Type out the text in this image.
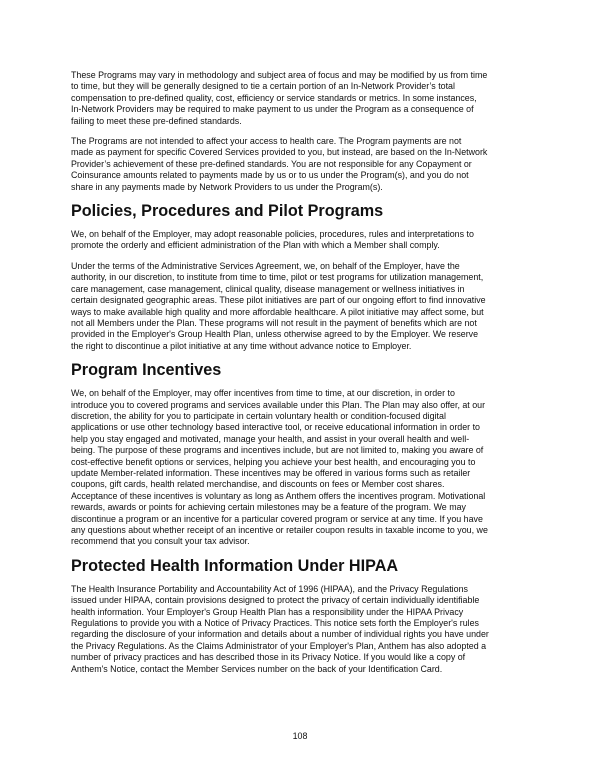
These Programs may vary in methodology and subject area of focus and may be modified by us from time
to time, but they will be generally designed to tie a certain portion of an In-Network Provider’s total
compensation to pre-defined quality, cost, efficiency or service standards or metrics. In some instances,
In-Network Providers may be required to make payment to us under the Program as a consequence of
failing to meet these pre-defined standards.

The Programs are not intended to affect your access to health care. The Program payments are not
made as payment for specific Covered Services provided to you, but instead, are based on the In-Network
Provider’s achievement of these pre-defined standards. You are not responsible for any Copayment or
Coinsurance amounts related to payments made by us or to us under the Program(s), and you do not
share in any payments made by Network Providers to us under the Program(s).

Policies, Procedures and Pilot Programs

We, on behalf of the Employer, may adopt reasonable policies, procedures, rules and interpretations to
promote the orderly and efficient administration of the Plan with which a Member shall comply.

Under the terms of the Administrative Services Agreement, we, on behalf of the Employer, have the
authority, in our discretion, to institute from time to time, pilot or test programs for utilization management,
care management, case management, clinical quality, disease management or wellness initiatives in
certain designated geographic areas. These pilot initiatives are part of our ongoing effort to find innovative
ways to make available high quality and more affordable healthcare. A pilot initiative may affect some, but
not all Members under the Plan. These programs will not result in the payment of benefits which are not
provided in the Employer's Group Health Plan, unless otherwise agreed to by the Employer. We reserve
the right to discontinue a pilot initiative at any time without advance notice to Employer.

Program Incentives

We, on behalf of the Employer, may offer incentives from time to time, at our discretion, in order to
introduce you to covered programs and services available under this Plan. The Plan may also offer, at our
discretion, the ability for you to participate in certain voluntary health or condition-focused digital
applications or use other technology based interactive tool, or receive educational information in order to
help you stay engaged and motivated, manage your health, and assist in your overall health and well-
being. The purpose of these programs and incentives include, but are not limited to, making you aware of
cost-effective benefit options or services, helping you achieve your best health, and encouraging you to
update Member-related information. These incentives may be offered in various forms such as retailer
coupons, gift cards, health related merchandise, and discounts on fees or Member cost shares.
Acceptance of these incentives is voluntary as long as Anthem offers the incentives program. Motivational
rewards, awards or points for achieving certain milestones may be a feature of the program. We may
discontinue a program or an incentive for a particular covered program or service at any time. If you have
any questions about whether receipt of an incentive or retailer coupon results in taxable income to you, we
recommend that you consult your tax advisor.

Protected Health Information Under HIPAA

The Health Insurance Portability and Accountability Act of 1996 (HIPAA), and the Privacy Regulations
issued under HIPAA, contain provisions designed to protect the privacy of certain individually identifiable
health information. Your Employer's Group Health Plan has a responsibility under the HIPAA Privacy
Regulations to provide you with a Notice of Privacy Practices. This notice sets forth the Employer's rules
regarding the disclosure of your information and details about a number of individual rights you have under
the Privacy Regulations. As the Claims Administrator of your Employer's Plan, Anthem has also adopted a
number of privacy practices and has described those in its Privacy Notice. If you would like a copy of
Anthem's Notice, contact the Member Services number on the back of your Identification Card.

108
